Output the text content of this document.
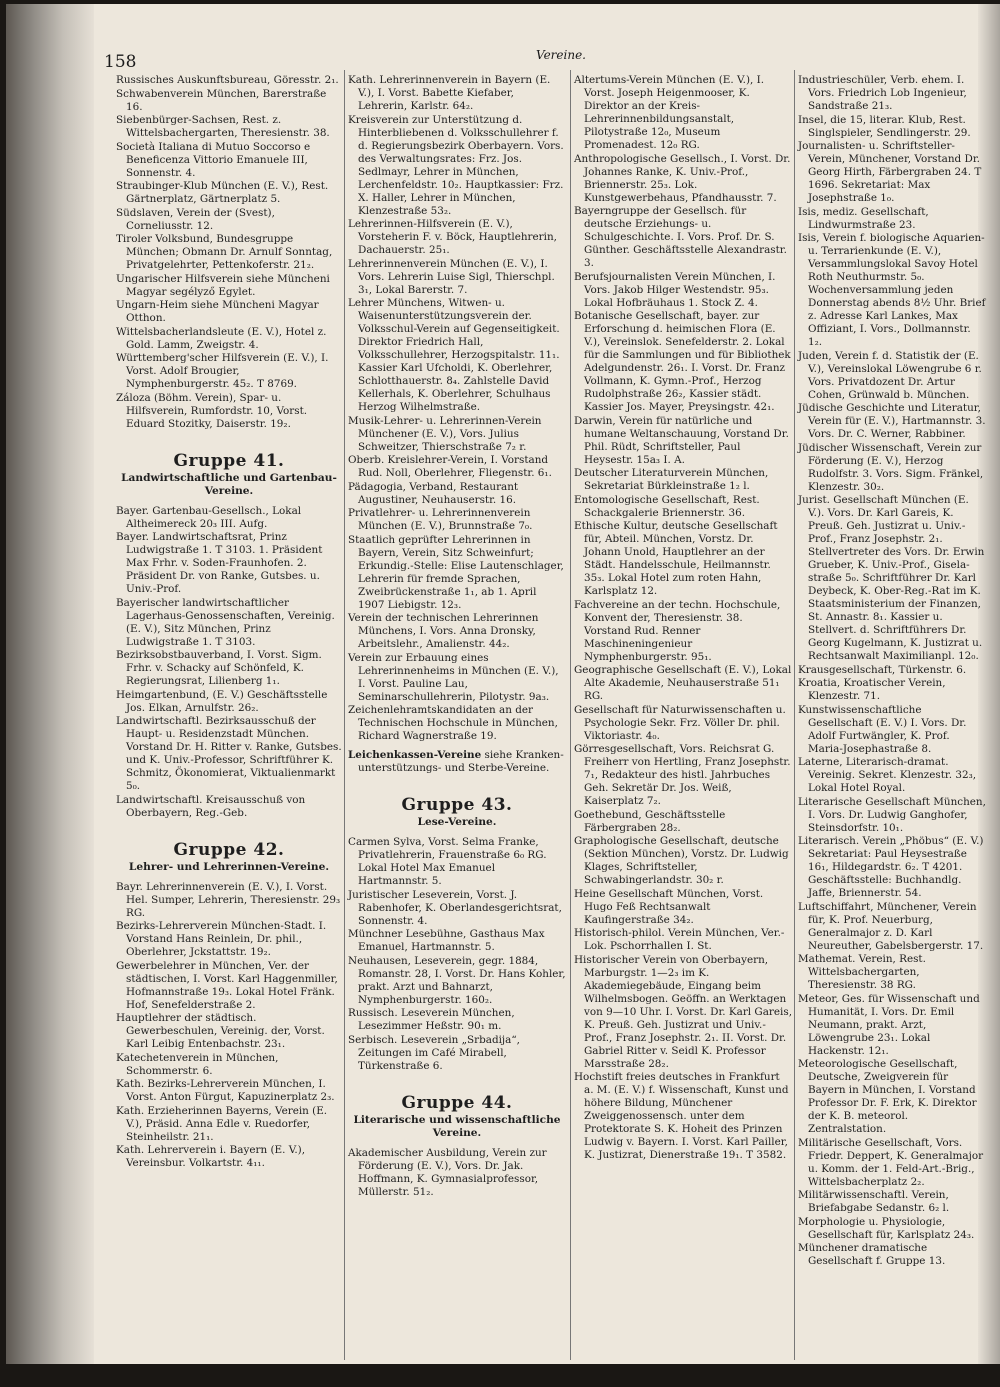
158	Vereine.
Russisches Auskunftsbureau, Göresstr. 2₁.
Schwabenverein München, Barerstraße 16.
Siebenbürger-Sachsen, Rest. z. Wittelsbachergarten, Theresienstr. 38.
Società Italiana di Mutuo Soccorso e Beneficenza Vittorio Emanuele III, Sonnenstr. 4.
Straubinger-Klub München (E. V.), Rest. Gärtnerplatz, Gärtnerplatz 5.
Südslaven, Verein der (Svest), Corneliusstr. 12.
Tiroler Volksbund, Bundesgruppe München; Obmann Dr. Arnulf Sonntag, Privatgelehrter, Pettenkoferstr. 21₂.
Ungarischer Hilfsverein siehe Müncheni Magyar segélyző Egylet.
Ungarn-Heim siehe Müncheni Magyar Otthon.
Wittelsbacherlandsleute (E. V.), Hotel z. Gold. Lamm, Zweigstr. 4.
Württemberg'scher Hilfsverein (E. V.), I. Vorst. Adolf Brougier, Nymphenburgerstr. 45₂. T 8769.
Záloza (Böhm. Verein), Spar- u. Hilfsverein, Rumfordstr. 10, Vorst. Eduard Stozitky, Daiserstr. 19₂.
Gruppe 41.
Landwirtschaftliche und Gartenbau-Vereine.
Bayer. Gartenbau-Gesellsch., Lokal Altheimereck 20₃ III. Aufg.
Bayer. Landwirtschaftsrat, Prinz Ludwigstraße 1. T 3103. 1. Präsident Max Frhr. v. Soden-Fraunhofen. 2. Präsident Dr. von Ranke, Gutsbes. u. Univ.-Prof.
Bayerischer landwirtschaftlicher Lagerhaus-Genossenschaften, Vereinig. (E. V.), Sitz München, Prinz Ludwigstraße 1. T 3103.
Bezirksobstbauverband, I. Vorst. Sigm. Frhr. v. Schacky auf Schönfeld, K. Regierungsrat, Lilienberg 1₁.
Heimgartenbund, (E. V.) Geschäftsstelle Jos. Elkan, Arnulfstr. 26₂.
Landwirtschaftl. Bezirksausschuß der Haupt- u. Residenzstadt München. Vorstand Dr. H. Ritter v. Ranke, Gutsbes. und K. Univ.-Professor, Schriftführer K. Schmitz, Ökonomierat, Viktualienmarkt 5₀.
Landwirtschaftl. Kreisausschuß von Oberbayern, Reg.-Geb.
Gruppe 42.
Lehrer- und Lehrerinnen-Vereine.
Bayr. Lehrerinnenverein (E. V.), I. Vorst. Hel. Sumper, Lehrerin, Theresienstr. 29₃ RG.
Bezirks-Lehrerverein München-Stadt. I. Vorstand Hans Reinlein, Dr. phil., Oberlehrer, Jckstattstr. 19₂.
Gewerbelehrer in München, Ver. der städtischen, I. Vorst. Karl Haggenmiller, Hofmannstraße 19₃. Lokal Hotel Fränk. Hof, Senefelderstraße 2.
Hauptlehrer der städtisch. Gewerbeschulen, Vereinig. der, Vorst. Karl Leibig Entenbachstr. 23₁.
Katechetenverein in München, Schommerstr. 6.
Kath. Bezirks-Lehrerverein München, I. Vorst. Anton Fürgut, Kapuzinerplatz 2₃.
Kath. Erzieherinnen Bayerns, Verein (E. V.), Präsid. Anna Edle v. Ruedorfer, Steinheilstr. 21₁.
Kath. Lehrerverein i. Bayern (E. V.), Vereinsbur. Volkartstr. 4₁₁.
Kath. Lehrerinnenverein in Bayern (E. V.), I. Vorst. Babette Kiefaber, Lehrerin, Karlstr. 64₂.
Kreisverein zur Unterstützung d. Hinterbliebenen d. Volksschullehrer f. d. Regierungsbezirk Oberbayern. Vors. des Verwaltungsrates: Frz. Jos. Sedlmayr, Lehrer in München, Lerchenfeldstr. 10₂. Hauptkassier: Frz. X. Haller, Lehrer in München, Klenzestraße 53₂.
Lehrerinnen-Hilfsverein (E. V.), Vorsteherin F. v. Böck, Hauptlehrerin, Dachauerstr. 25₁.
Lehrerinnenverein München (E. V.), I. Vors. Lehrerin Luise Sigl, Thierschpl. 3₁, Lokal Barerstr. 7.
Lehrer Münchens, Witwen- u. Waisenunterstützungsverein der. Volksschul-Verein auf Gegenseitigkeit. Direktor Friedrich Hall, Volksschullehrer, Herzogspitalstr. 11₁. Kassier Karl Ufcholdi, K. Oberlehrer, Schlotthauerstr. 8₄. Zahlstelle David Kellerhals, K. Oberlehrer, Schulhaus Herzog Wilhelmstraße.
Musik-Lehrer- u. Lehrerinnen-Verein Münchener (E. V.), Vors. Julius Schweitzer, Thierschstraße 7₂ r.
Oberb. Kreislehrer-Verein, I. Vorstand Rud. Noll, Oberlehrer, Fliegenstr. 6₁.
Pädagogia, Verband, Restaurant Augustiner, Neuhauserstr. 16.
Privatlehrer- u. Lehrerinnenverein München (E. V.), Brunnstraße 7₀.
Staatlich geprüfter Lehrerinnen in Bayern, Verein, Sitz Schweinfurt; Erkundig.-Stelle: Elise Lautenschlager, Lehrerin für fremde Sprachen, Zweibrückenstraße 1₁, ab 1. April 1907 Liebigstr. 12₃.
Verein der technischen Lehrerinnen Münchens, I. Vors. Anna Dronsky, Arbeitslehr., Amalienstr. 44₂.
Verein zur Erbauung eines Lehrerinnenheims in München (E. V.), I. Vorst. Pauline Lau, Seminarschullehrerin, Pilotystr. 9a₃.
Zeichenlehramtskandidaten an der Technischen Hochschule in München, Richard Wagnerstraße 19.
Leichenkassen-Vereine siehe Kranken-unterstützungs- und Sterbe-Vereine.
Gruppe 43.
Lese-Vereine.
Carmen Sylva, Vorst. Selma Franke, Privatlehrerin, Frauenstraße 6₀ RG. Lokal Hotel Max Emanuel Hartmannstr. 5.
Juristischer Leseverein, Vorst. J. Rabenhofer, K. Oberlandesgerichtsrat, Sonnenstr. 4.
Münchner Lesebühne, Gasthaus Max Emanuel, Hartmannstr. 5.
Neuhausen, Leseverein, gegr. 1884, Romanstr. 28, I. Vorst. Dr. Hans Kohler, prakt. Arzt und Bahnarzt, Nymphenburgerstr. 160₂.
Russisch. Leseverein München, Lesezimmer Heßstr. 90₁ m.
Serbisch. Leseverein „Srbadija“, Zeitungen im Café Mirabell, Türkenstraße 6.
Gruppe 44.
Literarische und wissenschaftliche Vereine.
Akademischer Ausbildung, Verein zur Förderung (E. V.), Vors. Dr. Jak. Hoffmann, K. Gymnasialprofessor, Müllerstr. 51₂.
Altertums-Verein München (E. V.), I. Vorst. Joseph Heigenmooser, K. Direktor an der Kreis-Lehrerinnenbildungsanstalt, Pilotystraße 12₀, Museum Promenadest. 12₀ RG.
Anthropologische Gesellsch., I. Vorst. Dr. Johannes Ranke, K. Univ.-Prof., Briennerstr. 25₃. Lok. Kunstgewerbehaus, Pfandhausstr. 7.
Bayerngruppe der Gesellsch. für deutsche Erziehungs- u. Schulgeschichte. I. Vors. Prof. Dr. S. Günther. Geschäftsstelle Alexandrastr. 3.
Berufsjournalisten Verein München, I. Vors. Jakob Hilger Westendstr. 95₃. Lokal Hofbräuhaus 1. Stock Z. 4.
Botanische Gesellschaft, bayer. zur Erforschung d. heimischen Flora (E. V.), Vereinslok. Senefelderstr. 2. Lokal für die Sammlungen und für Bibliothek Adelgundenstr. 26₁. I. Vorst. Dr. Franz Vollmann, K. Gymn.-Prof., Herzog Rudolphstraße 26₂, Kassier städt. Kassier Jos. Mayer, Preysingstr. 42₁.
Darwin, Verein für natürliche und humane Weltanschauung, Vorstand Dr. Phil. Rüdt, Schriftsteller, Paul Heysestr. 15a₃ I. A.
Deutscher Literaturverein München, Sekretariat Bürkleinstraße 1₂ l.
Entomologische Gesellschaft, Rest. Schackgalerie Briennerstr. 36.
Ethische Kultur, deutsche Gesellschaft für, Abteil. München, Vorstz. Dr. Johann Unold, Hauptlehrer an der Städt. Handelsschule, Heilmannstr. 35₃. Lokal Hotel zum roten Hahn, Karlsplatz 12.
Fachvereine an der techn. Hochschule, Konvent der, Theresienstr. 38. Vorstand Rud. Renner Maschineningenieur Nymphenburgerstr. 95₁.
Geographische Gesellschaft (E. V.), Lokal Alte Akademie, Neuhauserstraße 51₁ RG.
Gesellschaft für Naturwissenschaften u. Psychologie Sekr. Frz. Völler Dr. phil. Viktoriastr. 4₀.
Görresgesellschaft, Vors. Reichsrat G. Freiherr von Hertling, Franz Josephstr. 7₁, Redakteur des histl. Jahrbuches Geh. Sekretär Dr. Jos. Weiß, Kaiserplatz 7₂.
Goethebund, Geschäftsstelle Färbergraben 28₂.
Graphologische Gesellschaft, deutsche (Sektion München), Vorstz. Dr. Ludwig Klages, Schriftsteller, Schwabingerlandstr. 30₂ r.
Heine Gesellschaft München, Vorst. Hugo Feß Rechtsanwalt Kaufingerstraße 34₂.
Historisch-philol. Verein München, Ver.-Lok. Pschorrhallen I. St.
Historischer Verein von Oberbayern, Marburgstr. 1—2₃ im K. Akademiegebäude, Eingang beim Wilhelmsbogen. Geöffn. an Werktagen von 9—10 Uhr. I. Vorst. Dr. Karl Gareis, K. Preuß. Geh. Justizrat und Univ.-Prof., Franz Josephstr. 2₁. II. Vorst. Dr. Gabriel Ritter v. Seidl K. Professor Marsstraße 28₂.
Hochstift freies deutsches in Frankfurt a. M. (E. V.) f. Wissenschaft, Kunst und höhere Bildung, Münchener Zweiggenossensch. unter dem Protektorate S. K. Hoheit des Prinzen Ludwig v. Bayern. I. Vorst. Karl Pailler, K. Justizrat, Dienerstraße 19₁. T 3582.
Industrieschüler, Verb. ehem. I. Vors. Friedrich Lob Ingenieur, Sandstraße 21₃.
Insel, die 15, literar. Klub, Rest. Singlspieler, Sendlingerstr. 29.
Journalisten- u. Schriftsteller-Verein, Münchener, Vorstand Dr. Georg Hirth, Färbergraben 24. T 1696. Sekretariat: Max Josephstraße 1₀.
Isis, mediz. Gesellschaft, Lindwurmstraße 23.
Isis, Verein f. biologische Aquarien- u. Terrarienkunde (E. V.), Versammlungslokal Savoy Hotel Roth Neuthurmstr. 5₀. Wochenversammlung jeden Donnerstag abends 8½ Uhr. Brief z. Adresse Karl Lankes, Max Offiziant, I. Vors., Dollmannstr. 1₂.
Juden, Verein f. d. Statistik der (E. V.), Vereinslokal Löwengrube 6 r. Vors. Privatdozent Dr. Artur Cohen, Grünwald b. München.
Jüdische Geschichte und Literatur, Verein für (E. V.), Hartmannstr. 3. Vors. Dr. C. Werner, Rabbiner.
Jüdischer Wissenschaft, Verein zur Förderung (E. V.), Herzog Rudolfstr. 3. Vors. Sigm. Fränkel, Klenzestr. 30₂.
Jurist. Gesellschaft München (E. V.). Vors. Dr. Karl Gareis, K. Preuß. Geh. Justizrat u. Univ.-Prof., Franz Josephstr. 2₁. Stellvertreter des Vors. Dr. Erwin Grueber, K. Univ.-Prof., Gisela-straße 5₀. Schriftführer Dr. Karl Deybeck, K. Ober-Reg.-Rat im K. Staatsministerium der Finanzen, St. Annastr. 8₁. Kassier u. Stellvert. d. Schriftführers Dr. Georg Kugelmann, K. Justizrat u. Rechtsanwalt Maximilianpl. 12₀.
Krausgesellschaft, Türkenstr. 6.
Kroatia, Kroatischer Verein, Klenzestr. 71.
Kunstwissenschaftliche Gesellschaft (E. V.) I. Vors. Dr. Adolf Furtwängler, K. Prof. Maria-Josephastraße 8.
Laterne, Literarisch-dramat. Vereinig. Sekret. Klenzestr. 32₃, Lokal Hotel Royal.
Literarische Gesellschaft München, I. Vors. Dr. Ludwig Ganghofer, Steinsdorfstr. 10₁.
Literarisch. Verein „Phöbus“ (E. V.) Sekretariat: Paul Heysestraße 16₁, Hildegardstr. 6₂. T 4201. Geschäftsstelle: Buchhandlg. Jaffe, Briennerstr. 54.
Luftschiffahrt, Münchener, Verein für, K. Prof. Neuerburg, Generalmajor z. D. Karl Neureuther, Gabelsbergerstr. 17.
Mathemat. Verein, Rest. Wittelsbachergarten, Theresienstr. 38 RG.
Meteor, Ges. für Wissenschaft und Humanität, I. Vors. Dr. Emil Neumann, prakt. Arzt, Löwengrube 23₁. Lokal Hackenstr. 12₁.
Meteorologische Gesellschaft, Deutsche, Zweigverein für Bayern in München, I. Vorstand Professor Dr. F. Erk, K. Direktor der K. B. meteorol. Zentralstation.
Militärische Gesellschaft, Vors. Friedr. Deppert, K. Generalmajor u. Komm. der 1. Feld-Art.-Brig., Wittelsbacherplatz 2₂.
Militärwissenschaftl. Verein, Briefabgabe Sedanstr. 6₂ l.
Morphologie u. Physiologie, Gesellschaft für, Karlsplatz 24₃.
Münchener dramatische Gesellschaft f. Gruppe 13.
